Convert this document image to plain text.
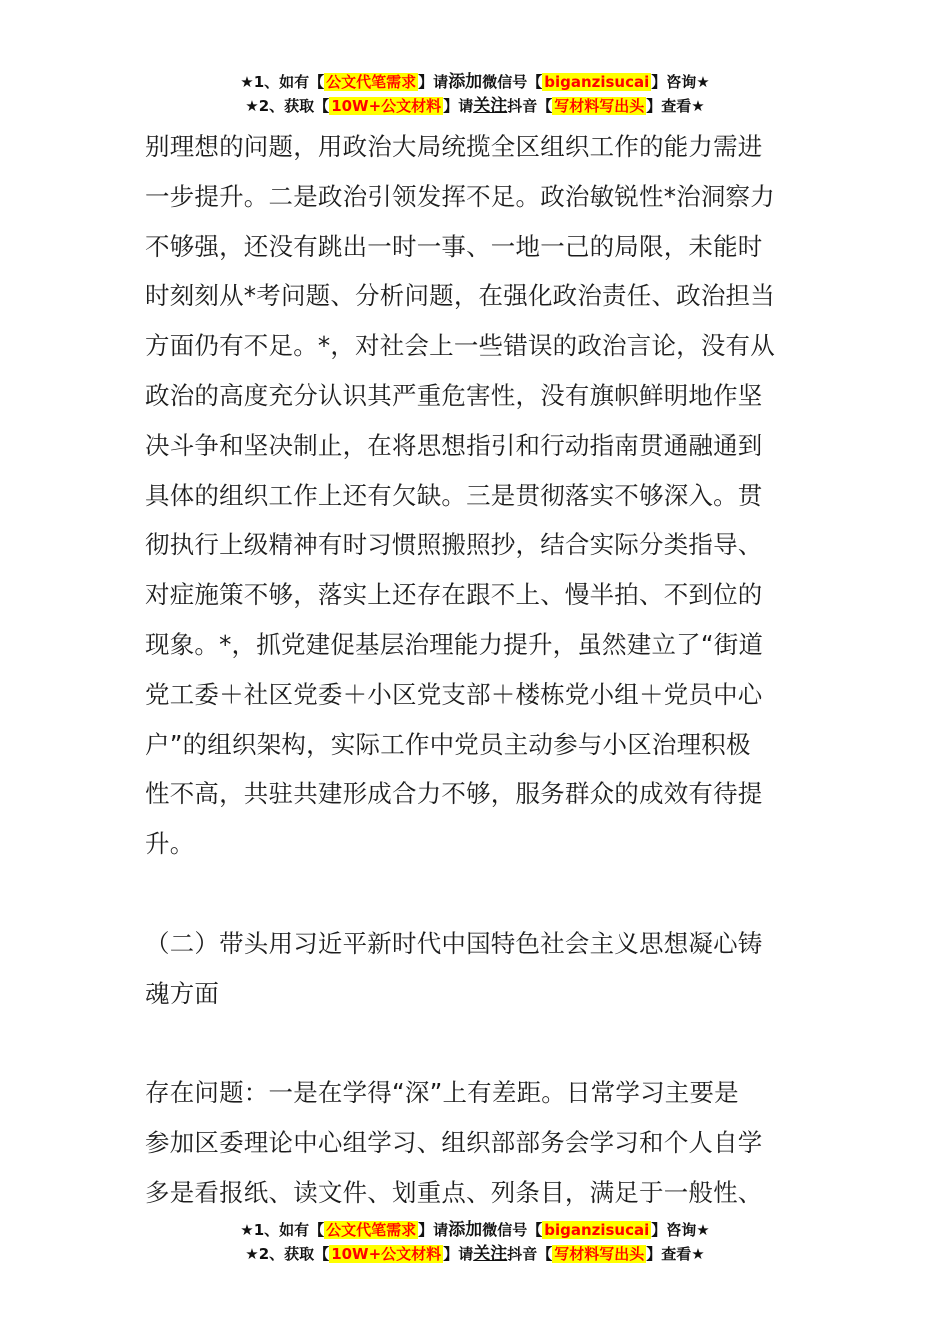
★1、如有【 公文代笔需求 】请添加微信号【 biganzisucai 】咨询★
★2、获取【 10W+公文材料 】请关注抖音【 写材料写出头 】查看★
别理想的问题，用政治大局统揽全区组织工作的能力需进
一步提升。二是政治引领发挥不足。政治敏锐性*治洞察力
不够强，还没有跳出一时一事、一地一己的局限，未能时
时刻刻从*考问题、分析问题，在强化政治责任、政治担当
方面仍有不足。*，对社会上一些错误的政治言论，没有从
政治的高度充分认识其严重危害性，没有旗帜鲜明地作坚
决斗争和坚决制止，在将思想指引和行动指南贯通融通到
具体的组织工作上还有欠缺。三是贯彻落实不够深入。贯
彻执行上级精神有时习惯照搬照抄，结合实际分类指导、
对症施策不够，落实上还存在跟不上、慢半拍、不到位的
现象。*，抓党建促基层治理能力提升，虽然建立了“街道
党工委＋社区党委＋小区党支部＋楼栋党小组＋党员中心
户”的组织架构，实际工作中党员主动参与小区治理积极
性不高，共驻共建形成合力不够，服务群众的成效有待提
升。
（二）带头用习近平新时代中国特色社会主义思想凝心铸
魂方面
存在问题：一是在学得“深”上有差距。日常学习主要是
参加区委理论中心组学习、组织部部务会学习和个人自学
多是看报纸、读文件、划重点、列条目，满足于一般性、
★1、如有【 公文代笔需求 】请添加微信号【 biganzisucai 】咨询★
★2、获取【 10W+公文材料 】请关注抖音【 写材料写出头 】查看★
